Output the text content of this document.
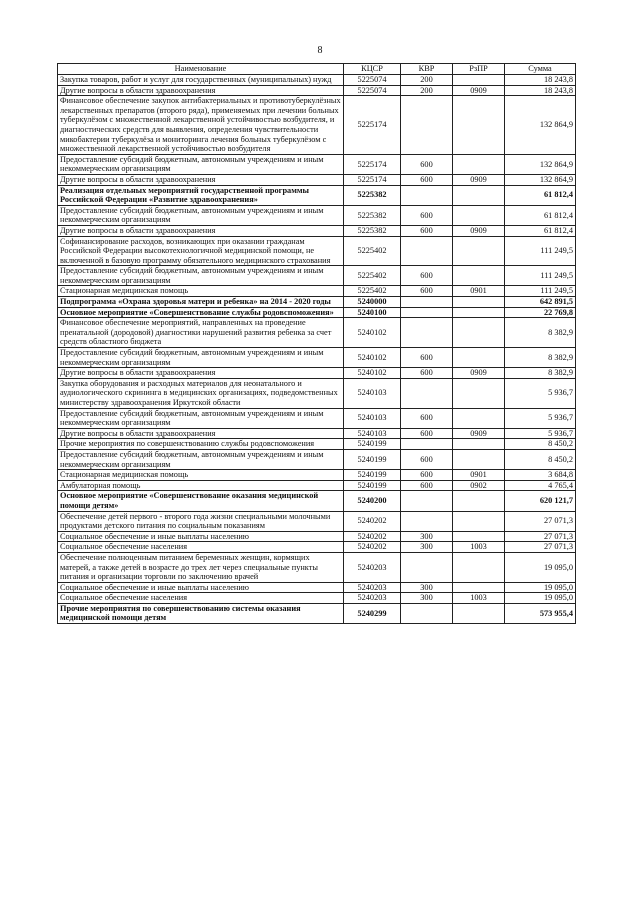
8
Наименование	КЦСР	КВР	РзПР	Сумма
Закупка товаров, работ и услуг для государственных (муниципальных) нужд	5225074	200		18 243,8
Другие вопросы в области здравоохранения	5225074	200	0909	18 243,8
Финансовое обеспечение закупок антибактериальных и противотуберкулёзных лекарственных препаратов (второго ряда), применяемых при лечении больных туберкулёзом с множественной лекарственной устойчивостью возбудителя, и диагностических средств для выявления, определения чувствительности микобактерии туберкулёза и мониторинга лечения больных туберкулёзом с множественной лекарственной устойчивостью возбудителя	5225174			132 864,9
Предоставление субсидий бюджетным, автономным учреждениям и иным некоммерческим организациям	5225174	600		132 864,9
Другие вопросы в области здравоохранения	5225174	600	0909	132 864,9
Реализация отдельных мероприятий государственной программы Российской Федерации «Развитие здравоохранения»	5225382			61 812,4
Предоставление субсидий бюджетным, автономным учреждениям и иным некоммерческим организациям	5225382	600		61 812,4
Другие вопросы в области здравоохранения	5225382	600	0909	61 812,4
Софинансирование расходов, возникающих при оказании гражданам Российской Федерации высокотехнологичной медицинской помощи, не включенной в базовую программу обязательного медицинского страхования	5225402			111 249,5
Предоставление субсидий бюджетным, автономным учреждениям и иным некоммерческим организациям	5225402	600		111 249,5
Стационарная медицинская помощь	5225402	600	0901	111 249,5
Подпрограмма «Охрана здоровья матери и ребенка» на 2014 - 2020 годы	5240000			642 891,5
Основное мероприятие «Совершенствование службы родовспоможения»	5240100			22 769,8
Финансовое обеспечение мероприятий, направленных на проведение пренатальной (дородовой) диагностики нарушений развития ребенка за счет средств областного бюджета	5240102			8 382,9
Предоставление субсидий бюджетным, автономным учреждениям и иным некоммерческим организациям	5240102	600		8 382,9
Другие вопросы в области здравоохранения	5240102	600	0909	8 382,9
Закупка оборудования и расходных материалов для неонатального и аудиологического скрининга в медицинских организациях, подведомственных министерству здравоохранения Иркутской области	5240103			5 936,7
Предоставление субсидий бюджетным, автономным учреждениям и иным некоммерческим организациям	5240103	600		5 936,7
Другие вопросы в области здравоохранения	5240103	600	0909	5 936,7
Прочие мероприятия по совершенствованию службы родовспоможения	5240199			8 450,2
Предоставление субсидий бюджетным, автономным учреждениям и иным некоммерческим организациям	5240199	600		8 450,2
Стационарная медицинская помощь	5240199	600	0901	3 684,8
Амбулаторная помощь	5240199	600	0902	4 765,4
Основное мероприятие «Совершенствование оказания медицинской помощи детям»	5240200			620 121,7
Обеспечение детей первого - второго года жизни специальными молочными продуктами детского питания по социальным показаниям	5240202			27 071,3
Социальное обеспечение и иные выплаты населению	5240202	300		27 071,3
Социальное обеспечение населения	5240202	300	1003	27 071,3
Обеспечение полноценным питанием беременных женщин, кормящих матерей, а также детей в возрасте до трех лет через специальные пункты питания и организации торговли по заключению врачей	5240203			19 095,0
Социальное обеспечение и иные выплаты населению	5240203	300		19 095,0
Социальное обеспечение населения	5240203	300	1003	19 095,0
Прочие мероприятия по совершенствованию системы оказания медицинской помощи детям	5240299			573 955,4
